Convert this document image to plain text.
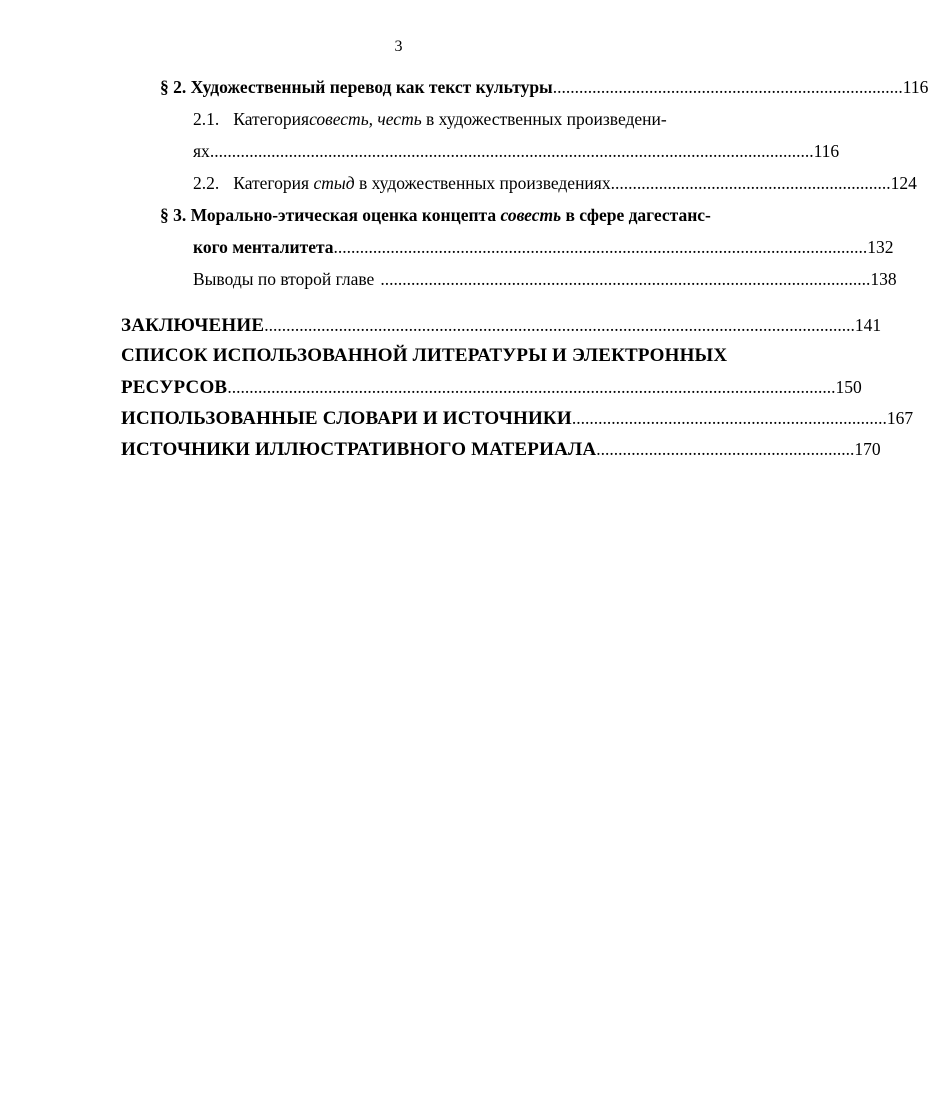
3
§ 2. Художественный перевод как текст культуры ................................................................................ 116
2.1. Категория совесть, честь в художественных произведени-
ях .......................................................................................................................................... 116
2.2. Категория стыд в художественных произведениях ................................................................ 124
§ 3. Морально-этическая оценка концепта совесть в сфере дагестанс-
кого менталитета .......................................................................................................................... 132
Выводы по второй главе ................................................................................................................ 138
ЗАКЛЮЧЕНИЕ ....................................................................................................................................... 141
СПИСОК ИСПОЛЬЗОВАННОЙ ЛИТЕРАТУРЫ И ЭЛЕКТРОННЫХ
РЕСУРСОВ ........................................................................................................................................... 150
ИСПОЛЬЗОВАННЫЕ СЛОВАРИ И ИСТОЧНИКИ ........................................................................ 167
ИСТОЧНИКИ ИЛЛЮСТРАТИВНОГО МАТЕРИАЛА ........................................................... 170
